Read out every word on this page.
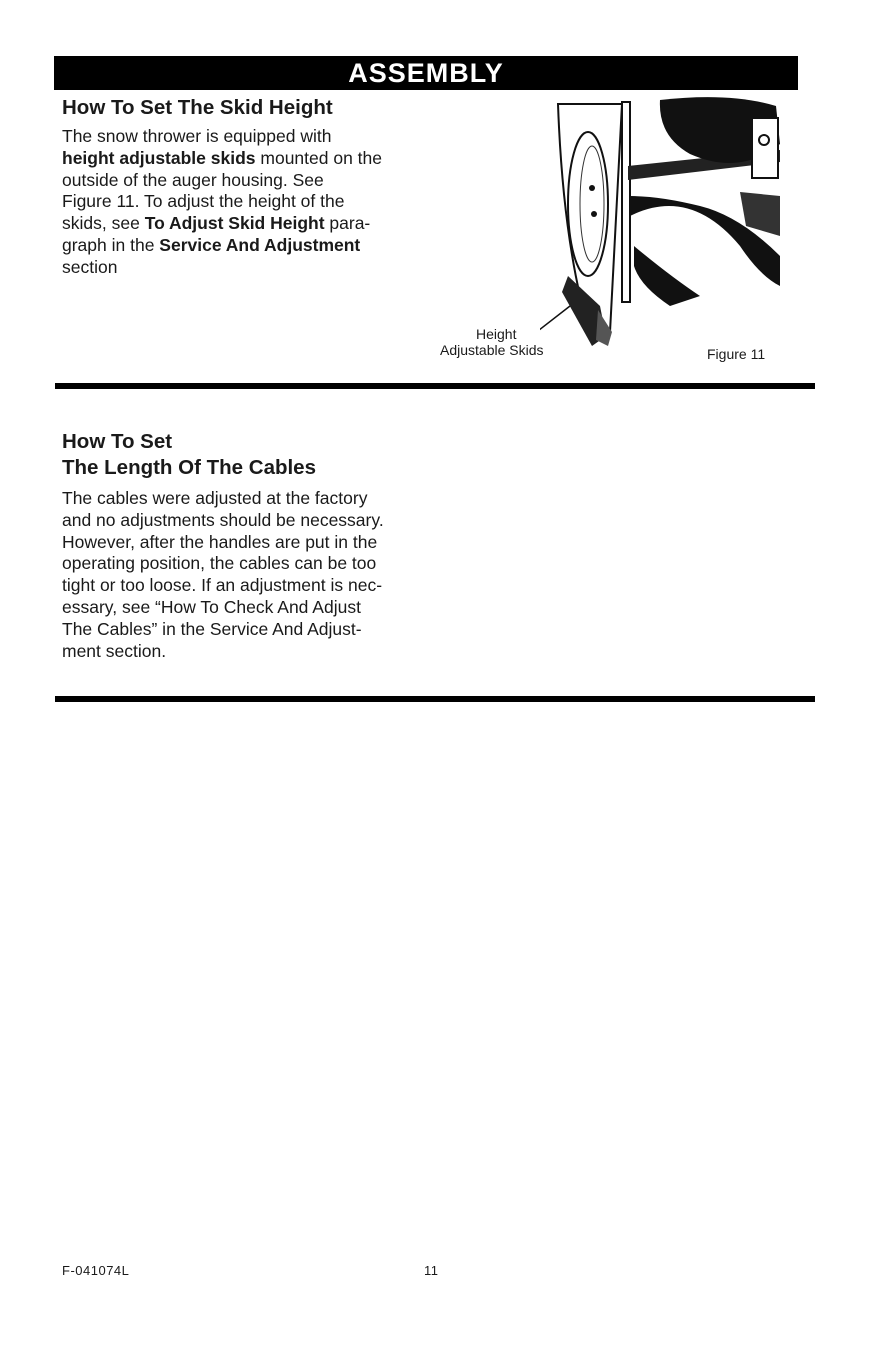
ASSEMBLY
How To Set The Skid Height
The snow thrower is equipped with
height adjustable skids mounted on the
outside of the auger housing. See
Figure 11. To adjust the height of the
skids, see To Adjust Skid Height para-
graph in the Service And Adjustment
section
Height
Adjustable Skids	Figure 11
How To Set
The Length Of The Cables
The cables were adjusted at the factory
and no adjustments should be necessary.
However, after the handles are put in the
operating position, the cables can be too
tight or too loose. If an adjustment is nec-
essary, see “How To Check And Adjust
The Cables” in the Service And Adjust-
ment section.
F-041074L	11
